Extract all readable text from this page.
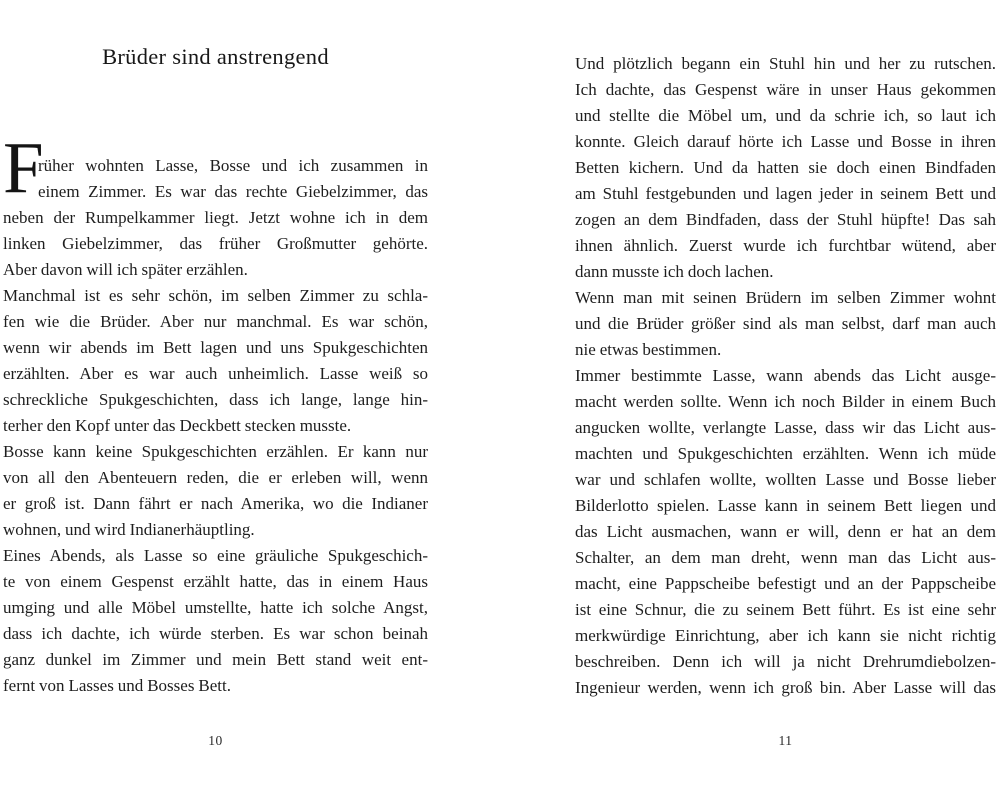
Brüder sind anstrengend
F
rüher wohnten Lasse, Bosse und ich zusammen in
einem Zimmer. Es war das rechte Giebelzimmer, das
neben der Rumpelkammer liegt. Jetzt wohne ich in dem
linken Giebelzimmer, das früher Großmutter gehörte.
Aber davon will ich später erzählen.
Manchmal ist es sehr schön, im selben Zimmer zu schla-
fen wie die Brüder. Aber nur manchmal. Es war schön,
wenn wir abends im Bett lagen und uns Spukgeschichten
erzählten. Aber es war auch unheimlich. Lasse weiß so
schreckliche Spukgeschichten, dass ich lange, lange hin-
terher den Kopf unter das Deckbett stecken musste.
Bosse kann keine Spukgeschichten erzählen. Er kann nur
von all den Abenteuern reden, die er erleben will, wenn
er groß ist. Dann fährt er nach Amerika, wo die Indianer
wohnen, und wird Indianerhäuptling.
Eines Abends, als Lasse so eine gräuliche Spukgeschich-
te von einem Gespenst erzählt hatte, das in einem Haus
umging und alle Möbel umstellte, hatte ich solche Angst,
dass ich dachte, ich würde sterben. Es war schon beinah
ganz dunkel im Zimmer und mein Bett stand weit ent-
fernt von Lasses und Bosses Bett.
10
Und plötzlich begann ein Stuhl hin und her zu rutschen.
Ich dachte, das Gespenst wäre in unser Haus gekommen
und stellte die Möbel um, und da schrie ich, so laut ich
konnte. Gleich darauf hörte ich Lasse und Bosse in ihren
Betten kichern. Und da hatten sie doch einen Bindfaden
am Stuhl festgebunden und lagen jeder in seinem Bett und
zogen an dem Bindfaden, dass der Stuhl hüpfte! Das sah
ihnen ähnlich. Zuerst wurde ich furchtbar wütend, aber
dann musste ich doch lachen.
Wenn man mit seinen Brüdern im selben Zimmer wohnt
und die Brüder größer sind als man selbst, darf man auch
nie etwas bestimmen.
Immer bestimmte Lasse, wann abends das Licht ausge-
macht werden sollte. Wenn ich noch Bilder in einem Buch
angucken wollte, verlangte Lasse, dass wir das Licht aus-
machten und Spukgeschichten erzählten. Wenn ich müde
war und schlafen wollte, wollten Lasse und Bosse lieber
Bilderlotto spielen. Lasse kann in seinem Bett liegen und
das Licht ausmachen, wann er will, denn er hat an dem
Schalter, an dem man dreht, wenn man das Licht aus-
macht, eine Pappscheibe befestigt und an der Pappscheibe
ist eine Schnur, die zu seinem Bett führt. Es ist eine sehr
merkwürdige Einrichtung, aber ich kann sie nicht richtig
beschreiben. Denn ich will ja nicht Drehrumdiebolzen-
Ingenieur werden, wenn ich groß bin. Aber Lasse will das
11
